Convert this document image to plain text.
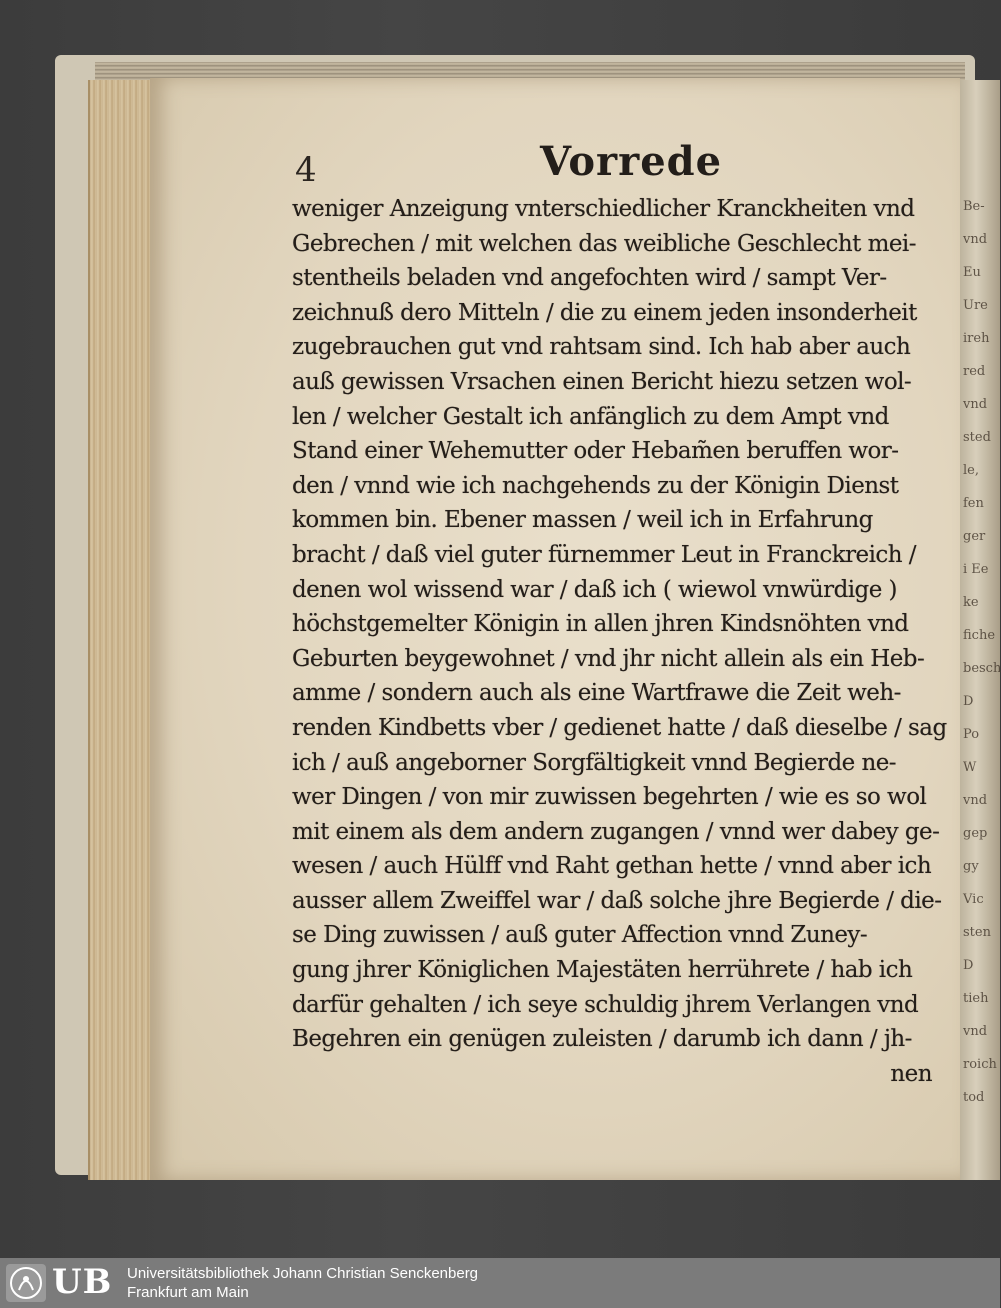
Be-
vnd
Eu
Ure
ireh
red
vnd
sted
le,
fen
ger
i Ee
ke
fiche
besch
D
Po
W
vnd
gep
gy
Vic
sten
D
tieh
vnd
roich
tod
4	Vorrede
weniger Anzeigung vnterschiedlicher Kranckheiten vnd
Gebrechen / mit welchen das weibliche Geschlecht mei-
stentheils beladen vnd angefochten wird / sampt Ver-
zeichnuß dero Mitteln / die zu einem jeden insonderheit
zugebrauchen gut vnd rahtsam sind. Ich hab aber auch
auß gewissen Vrsachen einen Bericht hiezu setzen wol-
len / welcher Gestalt ich anfänglich zu dem Ampt vnd
Stand einer Wehemutter oder Hebam̃en beruffen wor-
den / vnnd wie ich nachgehends zu der Königin Dienst
kommen bin. Ebener massen / weil ich in Erfahrung
bracht / daß viel guter fürnemmer Leut in Franckreich /
denen wol wissend war / daß ich ( wiewol vnwürdige )
höchstgemelter Königin in allen jhren Kindsnöhten vnd
Geburten beygewohnet / vnd jhr nicht allein als ein Heb-
amme / sondern auch als eine Wartfrawe die Zeit weh-
renden Kindbetts vber / gedienet hatte / daß dieselbe / sag
ich / auß angeborner Sorgfältigkeit vnnd Begierde ne-
wer Dingen / von mir zuwissen begehrten / wie es so wol
mit einem als dem andern zugangen / vnnd wer dabey ge-
wesen / auch Hülff vnd Raht gethan hette / vnnd aber ich
ausser allem Zweiffel war / daß solche jhre Begierde / die-
se Ding zuwissen / auß guter Affection vnnd Zuney-
gung jhrer Königlichen Majestäten herrührete / hab ich
darfür gehalten / ich seye schuldig jhrem Verlangen vnd
Begehren ein genügen zuleisten / darumb ich dann / jh-
nen
UB Universitätsbibliothek Johann Christian Senckenberg
Frankfurt am Main
